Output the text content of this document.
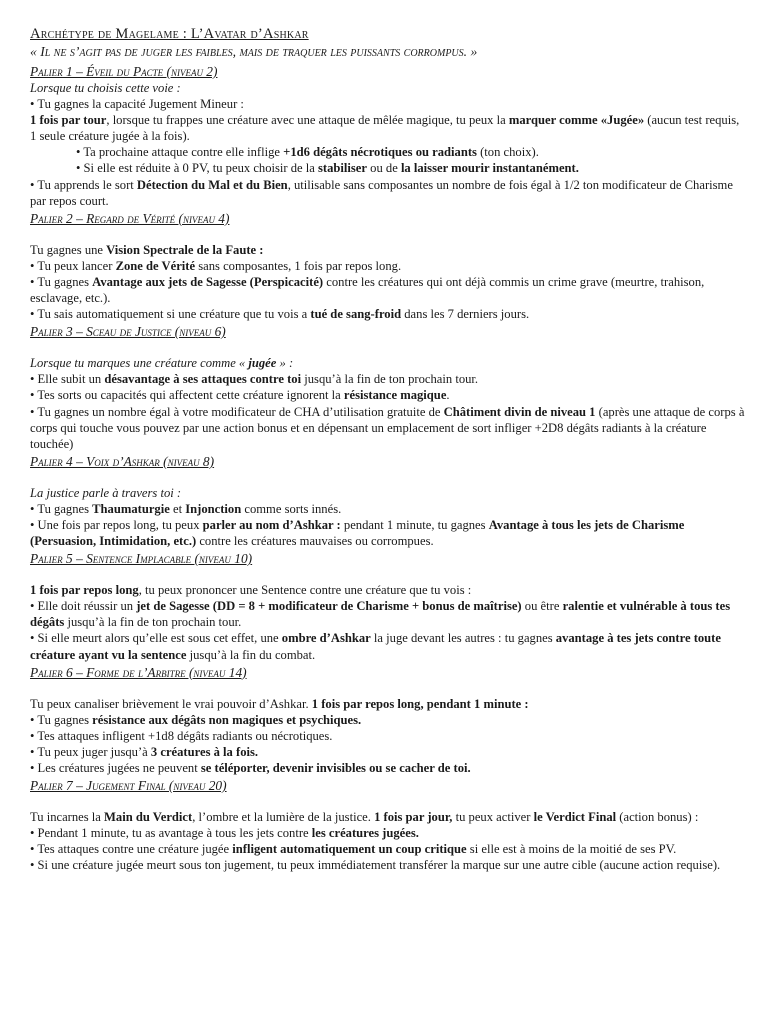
Archétype de Magelame : L’Avatar d’Ashkar
« Il ne s’agit pas de juger les faibles, mais de traquer les puissants corrompus. »
Palier 1 – Éveil du Pacte (niveau 2)

Lorsque tu choisis cette voie :

• Tu gagnes la capacité Jugement Mineur :

1 fois par tour, lorsque tu frappes une créature avec une attaque de mêlée magique, tu peux la marquer comme «Jugée» (aucun test requis, 1 seule créature jugée à la fois).

• Ta prochaine attaque contre elle inflige +1d6 dégâts nécrotiques ou radiants (ton choix).

• Si elle est réduite à 0 PV, tu peux choisir de la stabiliser ou de la laisser mourir instantanément.

• Tu apprends le sort Détection du Mal et du Bien, utilisable sans composantes un nombre de fois égal à 1/2 ton modificateur de Charisme par repos court.

Palier 2 – Regard de Vérité (niveau 4)

Tu gagnes une Vision Spectrale de la Faute :

• Tu peux lancer Zone de Vérité sans composantes, 1 fois par repos long.

• Tu gagnes Avantage aux jets de Sagesse (Perspicacité) contre les créatures qui ont déjà commis un crime grave (meurtre, trahison, esclavage, etc.).

• Tu sais automatiquement si une créature que tu vois a tué de sang-froid dans les 7 derniers jours.

Palier 3 – Sceau de Justice (niveau 6)

Lorsque tu marques une créature comme « jugée » :

• Elle subit un désavantage à ses attaques contre toi jusqu’à la fin de ton prochain tour.

• Tes sorts ou capacités qui affectent cette créature ignorent la résistance magique.

• Tu gagnes un nombre égal à votre modificateur de CHA d’utilisation gratuite de Châtiment divin de niveau 1 (après une attaque de corps à corps qui touche vous pouvez par une action bonus et en dépensant un emplacement de sort infliger +2D8 dégâts radiants à la créature touchée)

Palier 4 – Voix d’Ashkar (niveau 8)

La justice parle à travers toi :

• Tu gagnes Thaumaturgie et Injonction comme sorts innés.

• Une fois par repos long, tu peux parler au nom d’Ashkar : pendant 1 minute, tu gagnes Avantage à tous les jets de Charisme (Persuasion, Intimidation, etc.) contre les créatures mauvaises ou corrompues.

Palier 5 – Sentence Implacable (niveau 10)

1 fois par repos long, tu peux prononcer une Sentence contre une créature que tu vois :

• Elle doit réussir un jet de Sagesse (DD = 8 + modificateur de Charisme + bonus de maîtrise) ou être ralentie et vulnérable à tous tes dégâts jusqu’à la fin de ton prochain tour.

• Si elle meurt alors qu’elle est sous cet effet, une ombre d’Ashkar la juge devant les autres : tu gagnes avantage à tes jets contre toute créature ayant vu la sentence jusqu’à la fin du combat.

Palier 6 – Forme de l’Arbitre (niveau 14)

Tu peux canaliser brièvement le vrai pouvoir d’Ashkar. 1 fois par repos long, pendant 1 minute :

• Tu gagnes résistance aux dégâts non magiques et psychiques.

• Tes attaques infligent +1d8 dégâts radiants ou nécrotiques.

• Tu peux juger jusqu’à 3 créatures à la fois.

• Les créatures jugées ne peuvent se téléporter, devenir invisibles ou se cacher de toi.

Palier 7 – Jugement Final (niveau 20)

Tu incarnes la Main du Verdict, l’ombre et la lumière de la justice. 1 fois par jour, tu peux activer le Verdict Final (action bonus) :

• Pendant 1 minute, tu as avantage à tous les jets contre les créatures jugées.

• Tes attaques contre une créature jugée infligent automatiquement un coup critique si elle est à moins de la moitié de ses PV.

• Si une créature jugée meurt sous ton jugement, tu peux immédiatement transférer la marque sur une autre cible (aucune action requise).
